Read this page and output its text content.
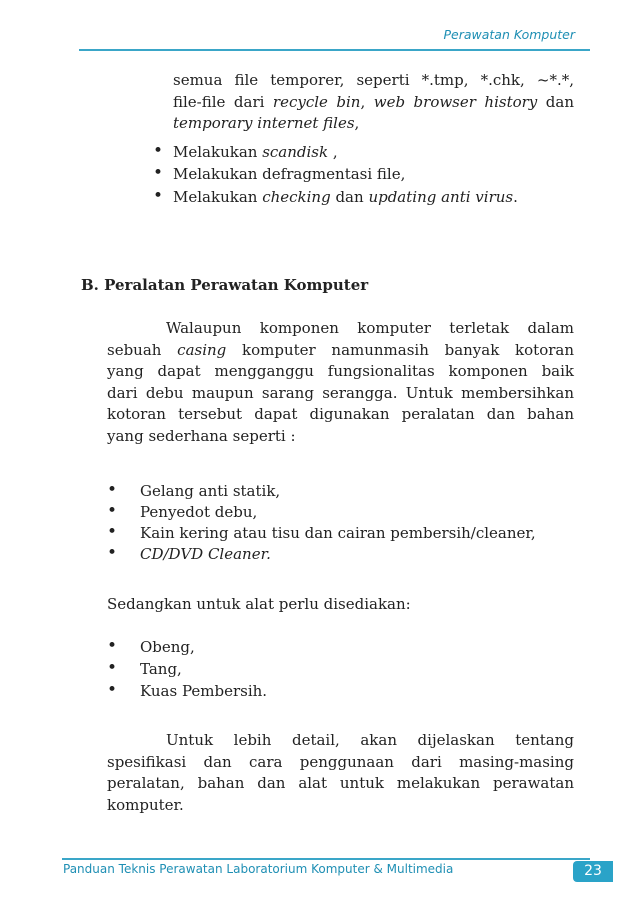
Perawatan Komputer
semua file temporer, seperti *.tmp, *.chk, ~*.*,
file-file dari recycle bin, web browser history dan
temporary internet files,
• Melakukan scandisk ,
• Melakukan defragmentasi file,
• Melakukan checking dan updating anti virus.
B. Peralatan Perawatan Komputer
Walaupun komponen komputer terletak dalam
sebuah casing komputer namunmasih banyak kotoran
yang dapat mengganggu fungsionalitas komponen baik
dari debu maupun sarang serangga. Untuk membersihkan
kotoran tersebut dapat digunakan peralatan dan bahan
yang sederhana seperti :
• Gelang anti statik,
• Penyedot debu,
• Kain kering atau tisu dan cairan pembersih/cleaner,
• CD/DVD Cleaner.
Sedangkan untuk alat perlu disediakan:
• Obeng,
• Tang,
• Kuas Pembersih.
Untuk lebih detail, akan dijelaskan tentang
spesifikasi dan cara penggunaan dari masing-masing
peralatan, bahan dan alat untuk melakukan perawatan
komputer.
Panduan Teknis Perawatan Laboratorium Komputer & Multimedia	23
